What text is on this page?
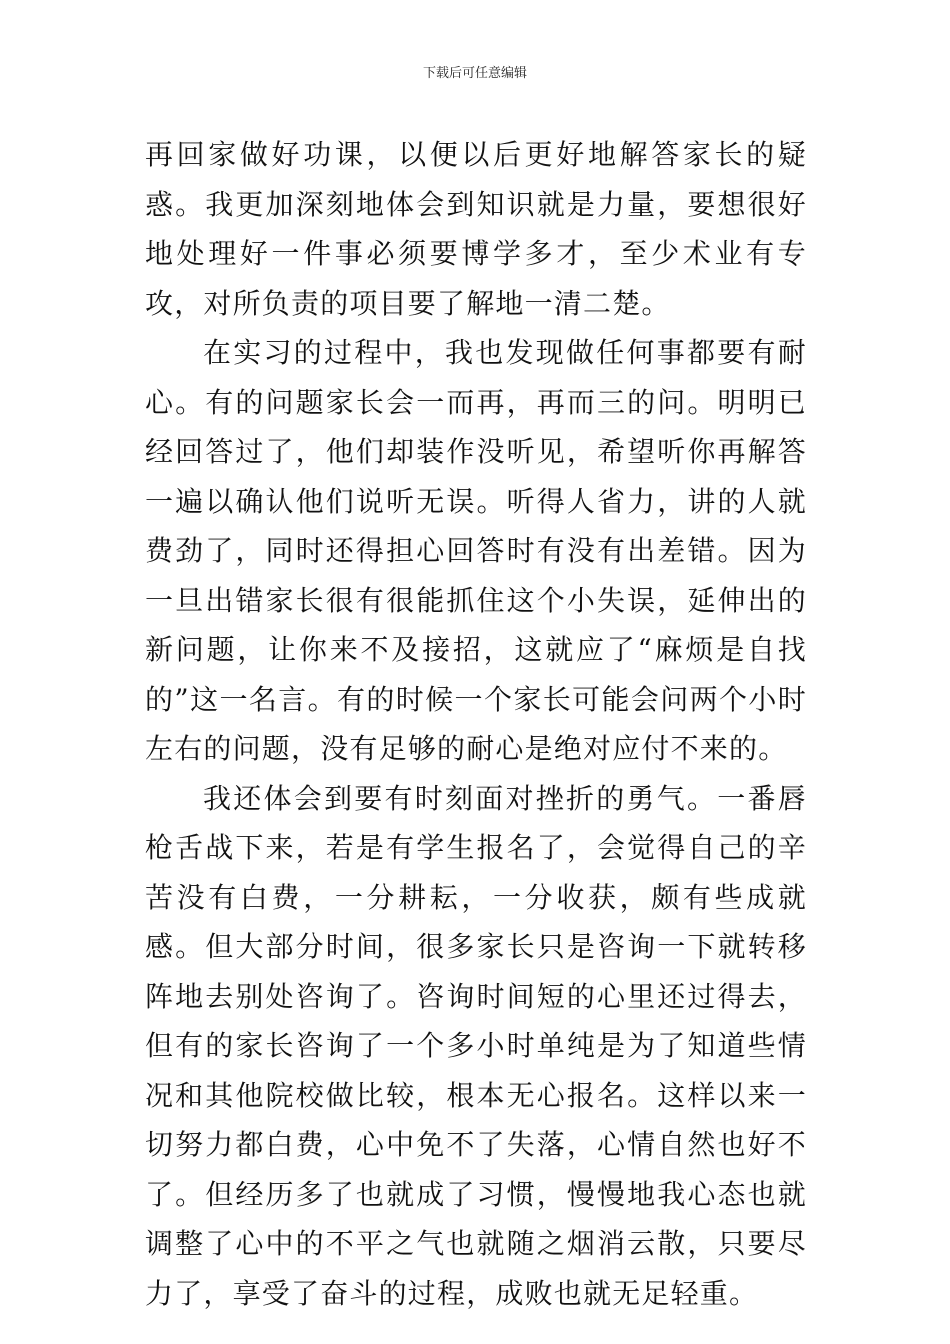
下载后可任意编辑

再回家做好功课，以便以后更好地解答家长的疑惑。我更加深刻地体会到知识就是力量，要想很好地处理好一件事必须要博学多才，至少术业有专攻，对所负责的项目要了解地一清二楚。

在实习的过程中，我也发现做任何事都要有耐心。有的问题家长会一而再，再而三的问。明明已经回答过了，他们却装作没听见，希望听你再解答一遍以确认他们说听无误。听得人省力，讲的人就费劲了，同时还得担心回答时有没有出差错。因为一旦出错家长很有很能抓住这个小失误，延伸出的新问题，让你来不及接招，这就应了“麻烦是自找的”这一名言。有的时候一个家长可能会问两个小时左右的问题，没有足够的耐心是绝对应付不来的。

我还体会到要有时刻面对挫折的勇气。一番唇枪舌战下来，若是有学生报名了，会觉得自己的辛苦没有白费，一分耕耘，一分收获，颇有些成就感。但大部分时间，很多家长只是咨询一下就转移阵地去别处咨询了。咨询时间短的心里还过得去，但有的家长咨询了一个多小时单纯是为了知道些情况和其他院校做比较，根本无心报名。这样以来一切努力都白费，心中免不了失落，心情自然也好不了。但经历多了也就成了习惯，慢慢地我心态也就调整了心中的不平之气也就随之烟消云散，只要尽力了，享受了奋斗的过程，成败也就无足轻重。
